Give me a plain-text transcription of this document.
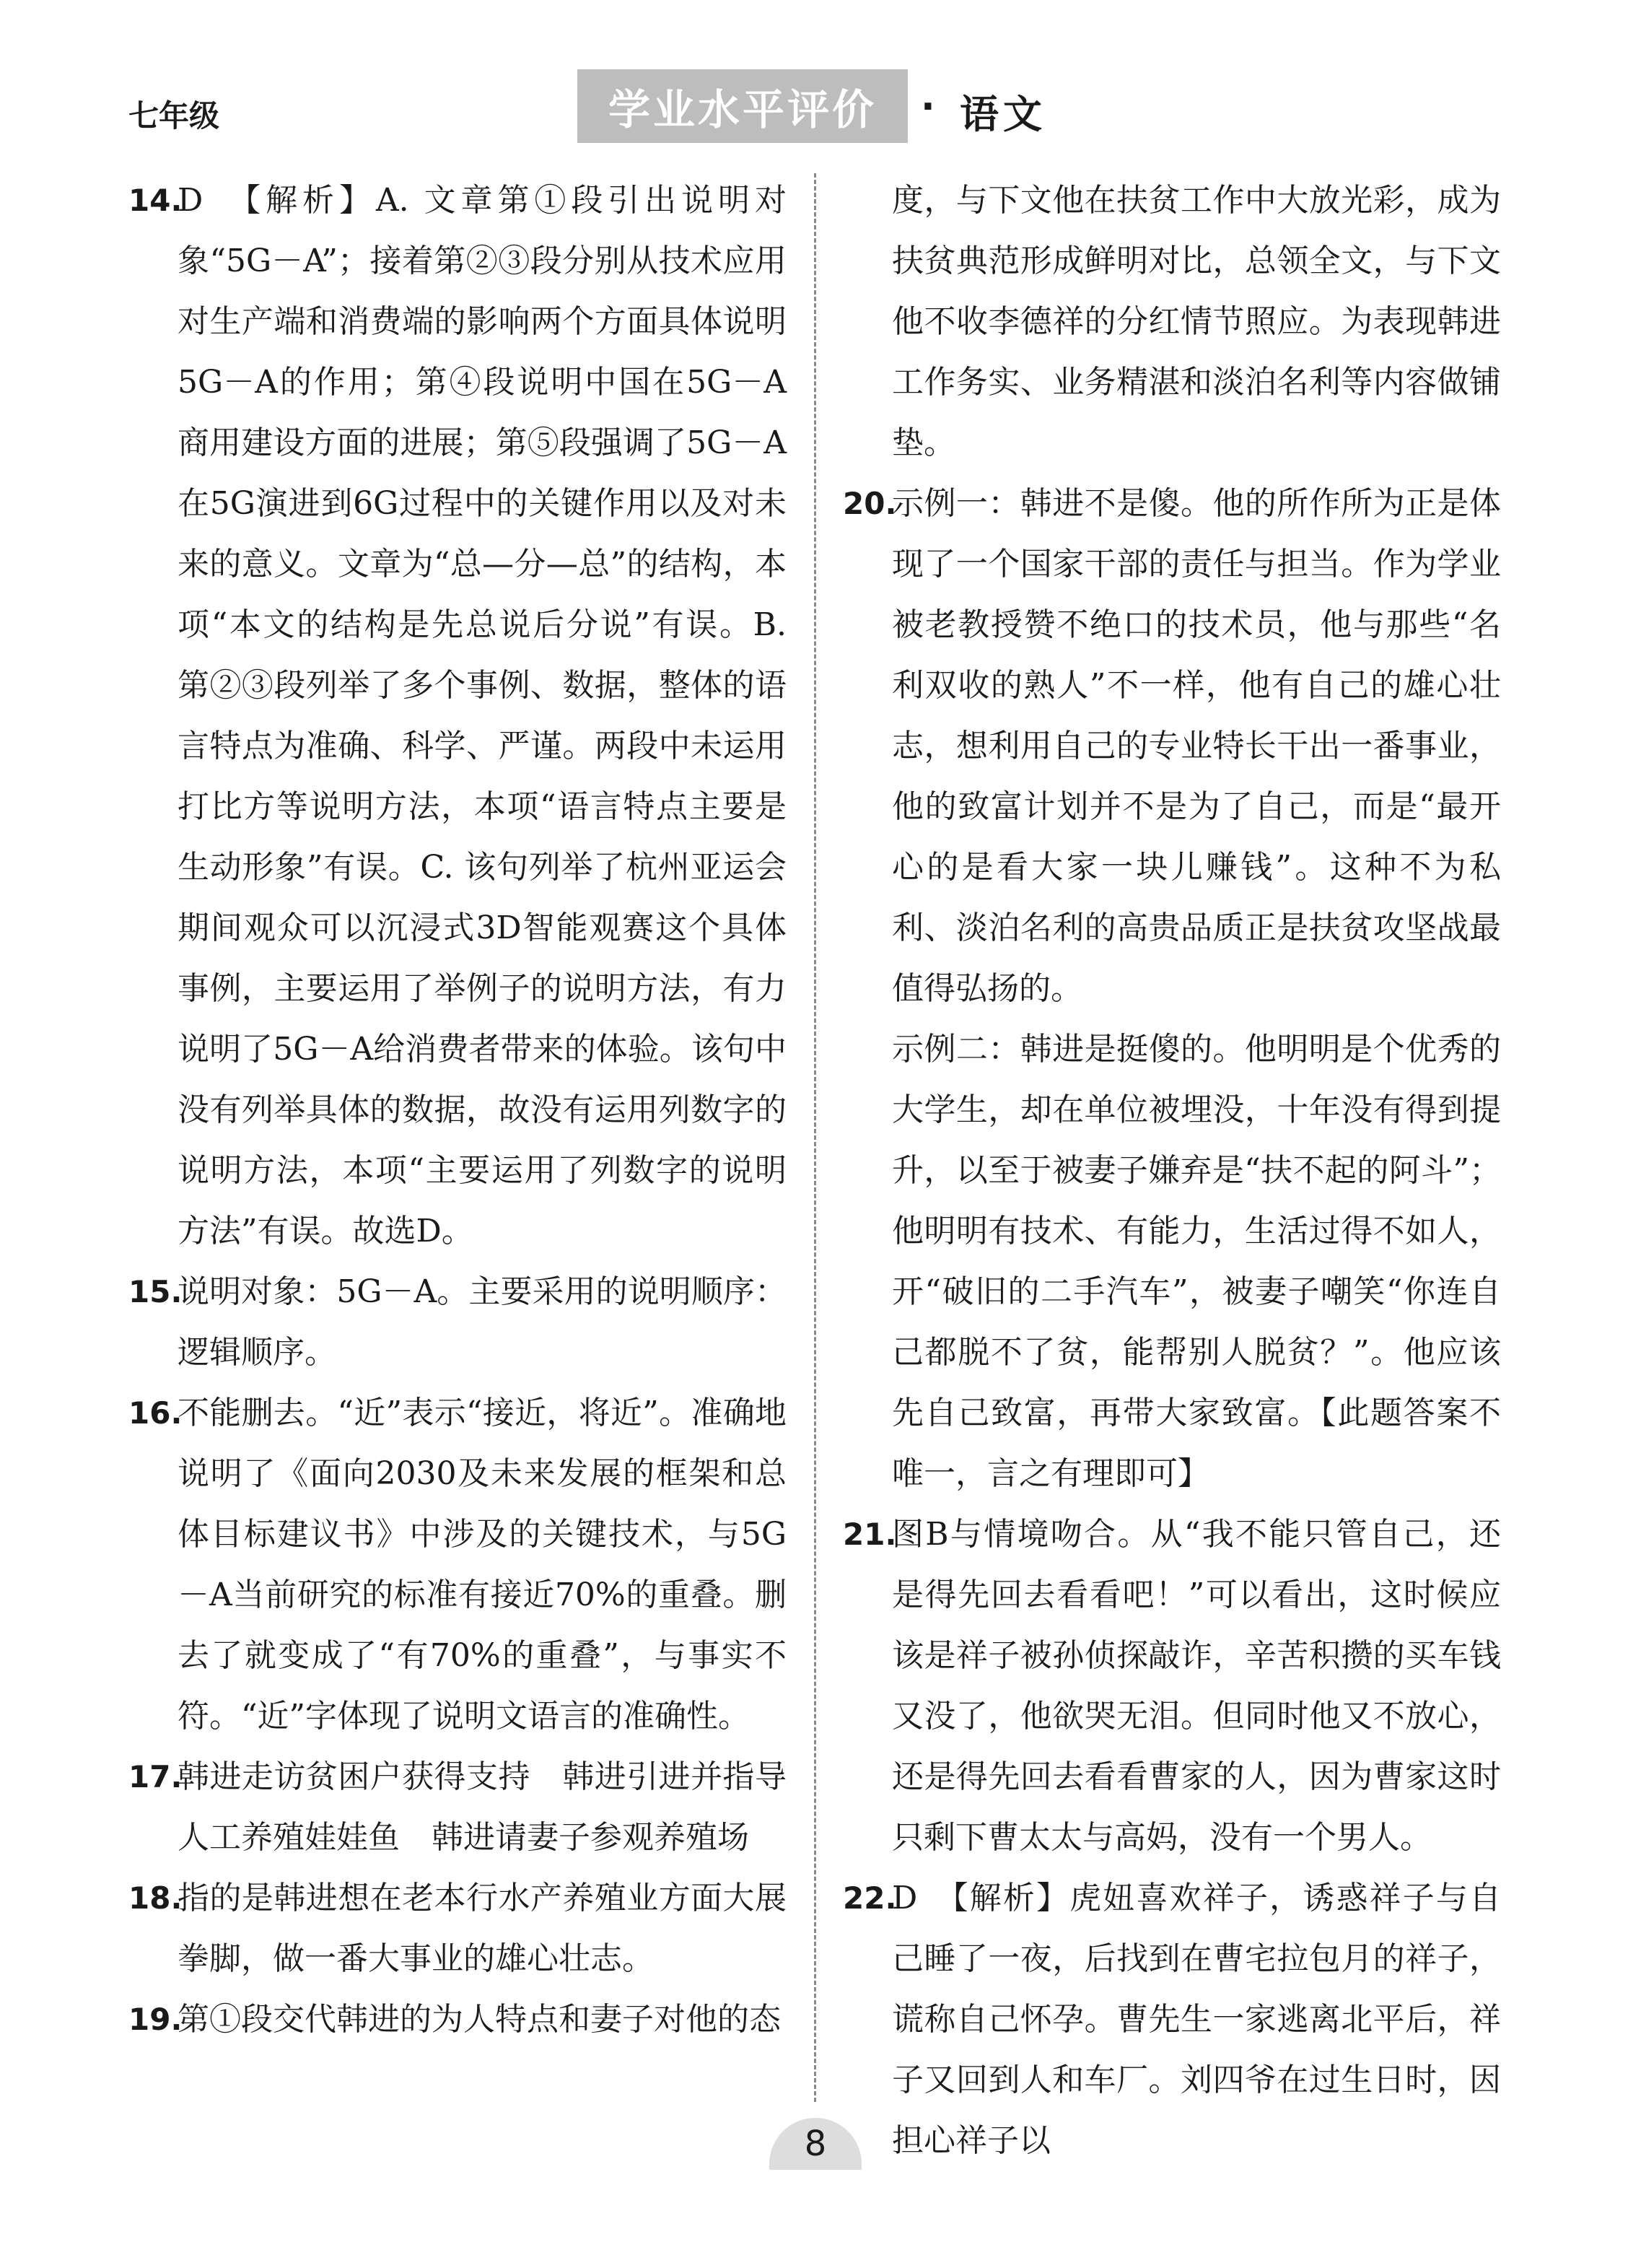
七年级	学业水平评价	· 语文
14.
D　【解析】A. 文章第①段引出说明对象“5G－A”；接着第②③段分别从技术应用对生产端和消费端的影响两个方面具体说明5G－A的作用；第④段说明中国在5G－A商用建设方面的进展；第⑤段强调了5G－A在5G演进到6G过程中的关键作用以及对未来的意义。文章为“总—分—总”的结构，本项“本文的结构是先总说后分说”有误。B. 第②③段列举了多个事例、数据，整体的语言特点为准确、科学、严谨。两段中未运用打比方等说明方法，本项“语言特点主要是生动形象”有误。C. 该句列举了杭州亚运会期间观众可以沉浸式3D智能观赛这个具体事例，主要运用了举例子的说明方法，有力说明了5G－A给消费者带来的体验。该句中没有列举具体的数据，故没有运用列数字的说明方法，本项“主要运用了列数字的说明方法”有误。故选D。
15.
说明对象：5G－A。主要采用的说明顺序：逻辑顺序。
16.
不能删去。“近”表示“接近，将近”。准确地说明了《面向2030及未来发展的框架和总体目标建议书》中涉及的关键技术，与5G－A当前研究的标准有接近70%的重叠。删去了就变成了“有70%的重叠”，与事实不符。“近”字体现了说明文语言的准确性。
17.
韩进走访贫困户获得支持　韩进引进并指导人工养殖娃娃鱼　韩进请妻子参观养殖场
18.
指的是韩进想在老本行水产养殖业方面大展拳脚，做一番大事业的雄心壮志。
19.
第①段交代韩进的为人特点和妻子对他的态
度，与下文他在扶贫工作中大放光彩，成为扶贫典范形成鲜明对比，总领全文，与下文他不收李德祥的分红情节照应。为表现韩进工作务实、业务精湛和淡泊名利等内容做铺垫。
20.
示例一：韩进不是傻。他的所作所为正是体现了一个国家干部的责任与担当。作为学业被老教授赞不绝口的技术员，他与那些“名利双收的熟人”不一样，他有自己的雄心壮志，想利用自己的专业特长干出一番事业，他的致富计划并不是为了自己，而是“最开心的是看大家一块儿赚钱”。这种不为私利、淡泊名利的高贵品质正是扶贫攻坚战最值得弘扬的。
示例二：韩进是挺傻的。他明明是个优秀的大学生，却在单位被埋没，十年没有得到提升，以至于被妻子嫌弃是“扶不起的阿斗”；他明明有技术、有能力，生活过得不如人，开“破旧的二手汽车”，被妻子嘲笑“你连自己都脱不了贫，能帮别人脱贫？”。他应该先自己致富，再带大家致富。【此题答案不唯一，言之有理即可】
21.
图B与情境吻合。从“我不能只管自己，还是得先回去看看吧！”可以看出，这时候应该是祥子被孙侦探敲诈，辛苦积攒的买车钱又没了，他欲哭无泪。但同时他又不放心，还是得先回去看看曹家的人，因为曹家这时只剩下曹太太与高妈，没有一个男人。
22.
D　【解析】虎妞喜欢祥子，诱惑祥子与自己睡了一夜，后找到在曹宅拉包月的祥子，谎称自己怀孕。曹先生一家逃离北平后，祥子又回到人和车厂。刘四爷在过生日时，因担心祥子以
8
